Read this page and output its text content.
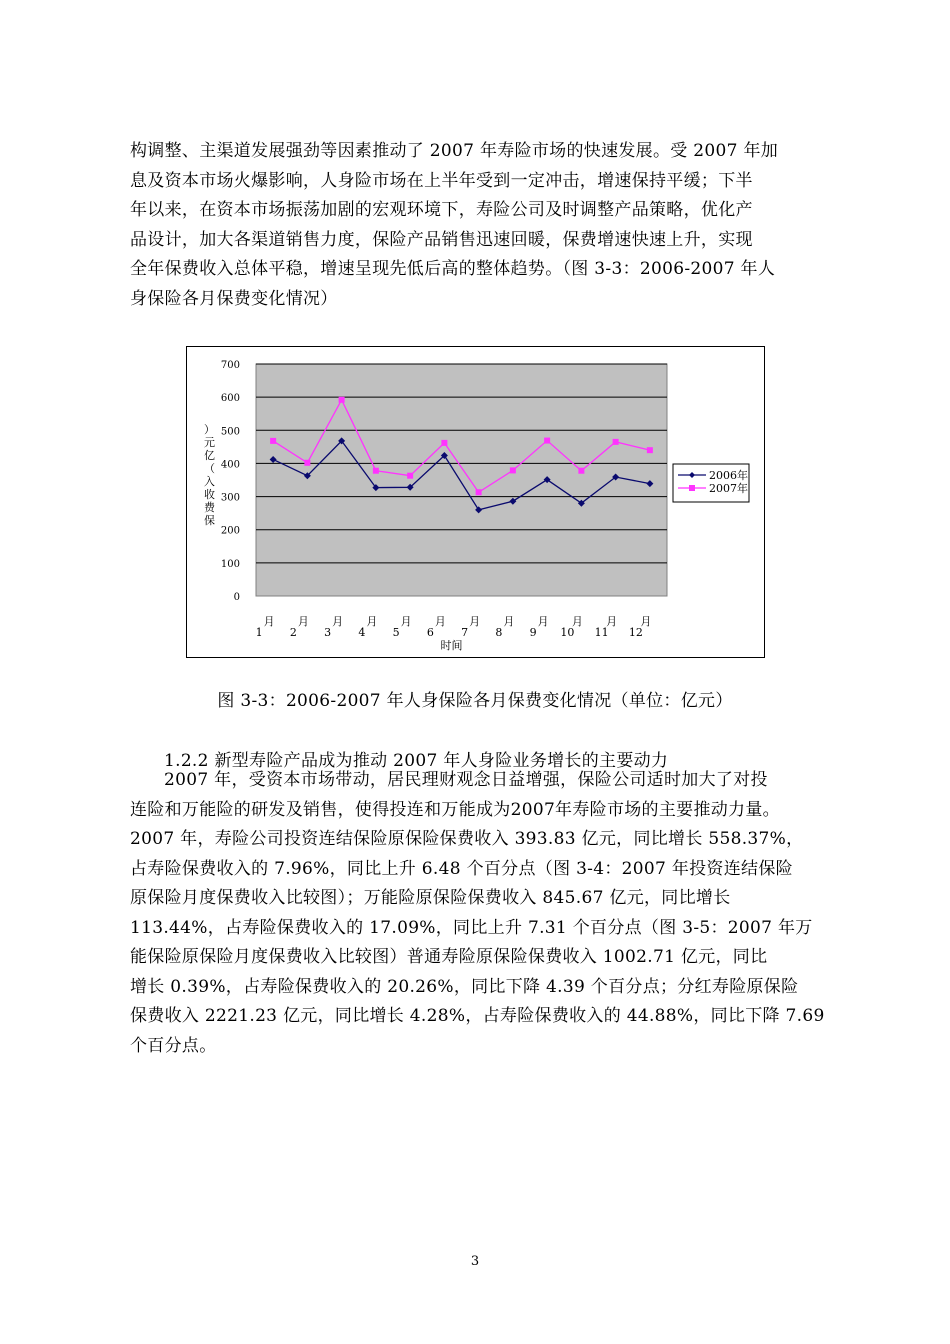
构调整、主渠道发展强劲等因素推动了 2007 年寿险市场的快速发展。受 2007 年加
息及资本市场火爆影响，人身险市场在上半年受到一定冲击，增速保持平缓；下半
年以来，在资本市场振荡加剧的宏观环境下，寿险公司及时调整产品策略，优化产
品设计，加大各渠道销售力度，保险产品销售迅速回暖，保费增速快速上升，实现
全年保费收入总体平稳，增速呈现先低后高的整体趋势。（图 3-3：2006-2007 年人
身保险各月保费变化情况）
0
100
200
300
400
500
600
700
）元亿（入收费保
月 1
月 2
月 3
月 4
月 5
月 6
月 7
月 8
月 9
月 10
月 11
月 12
时间
2006年
2007年
图 3-3：2006-2007 年人身保险各月保费变化情况（单位：亿元）
1.2.2 新型寿险产品成为推动 2007 年人身险业务增长的主要动力
2007 年，受资本市场带动，居民理财观念日益增强，保险公司适时加大了对投
连险和万能险的研发及销售，使得投连和万能成为2007年寿险市场的主要推动力量。
2007 年，寿险公司投资连结保险原保险保费收入 393.83 亿元，同比增长 558.37%，
占寿险保费收入的 7.96%，同比上升 6.48 个百分点（图 3-4：2007 年投资连结保险
原保险月度保费收入比较图）；万能险原保险保费收入 845.67 亿元，同比增长
113.44%，占寿险保费收入的 17.09%，同比上升 7.31 个百分点（图 3-5：2007 年万
能保险原保险月度保费收入比较图）普通寿险原保险保费收入 1002.71 亿元，同比
增长 0.39%，占寿险保费收入的 20.26%，同比下降 4.39 个百分点；分红寿险原保险
保费收入 2221.23 亿元，同比增长 4.28%，占寿险保费收入的 44.88%，同比下降 7.69
个百分点。
3
